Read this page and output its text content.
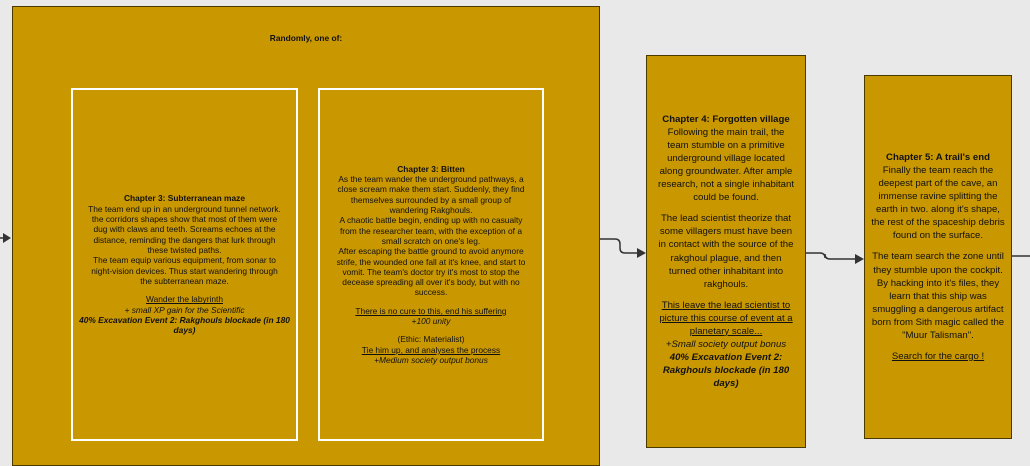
Randomly, one of:
Chapter 3: Subterranean maze
The team end up in an underground tunnel network.
the corridors shapes show that most of them were
dug with claws and teeth. Screams echoes at the
distance, reminding the dangers that lurk through
these twisted paths.
The team equip various equipment, from sonar to
night-vision devices. Thus start wandering through
the subterranean maze.
Wander the labyrinth
+ small XP gain for the Scientific
40% Excavation Event 2: Rakghouls blockade (in 180
days)
Chapter 3: Bitten
As the team wander the underground pathways, a
close scream make them start. Suddenly, they find
themselves surrounded by a small group of
wandering Rakghouls.
A chaotic battle begin, ending up with no casualty
from the researcher team, with the exception of a
small scratch on one's leg.
After escaping the battle ground to avoid anymore
strife, the wounded one fall at it's knee, and start to
vomit. The team's doctor try it's most to stop the
decease spreading all over it's body, but with no
success.
There is no cure to this, end his suffering
+100 unity
(Ethic: Materialist)
Tie him up, and analyses the process
+Medium society output bonus
Chapter 4: Forgotten village
Following the main trail, the
team stumble on a primitive
underground village located
along groundwater. After ample
research, not a single inhabitant
could be found.
The lead scientist theorize that
some villagers must have been
in contact with the source of the
rakghoul plague, and then
turned other inhabitant into
rakghouls.
This leave the lead scientist to
picture this course of event at a
planetary scale...
+Small society output bonus
40% Excavation Event 2:
Rakghouls blockade (in 180
days)
Chapter 5: A trail's end
Finally the team reach the
deepest part of the cave, an
immense ravine splitting the
earth in two. along it's shape,
the rest of the spaceship debris
found on the surface.
The team search the zone until
they stumble upon the cockpit.
By hacking into it's files, they
learn that this ship was
smuggling a dangerous artifact
born from Sith magic called the
"Muur Talisman".
Search for the cargo !
